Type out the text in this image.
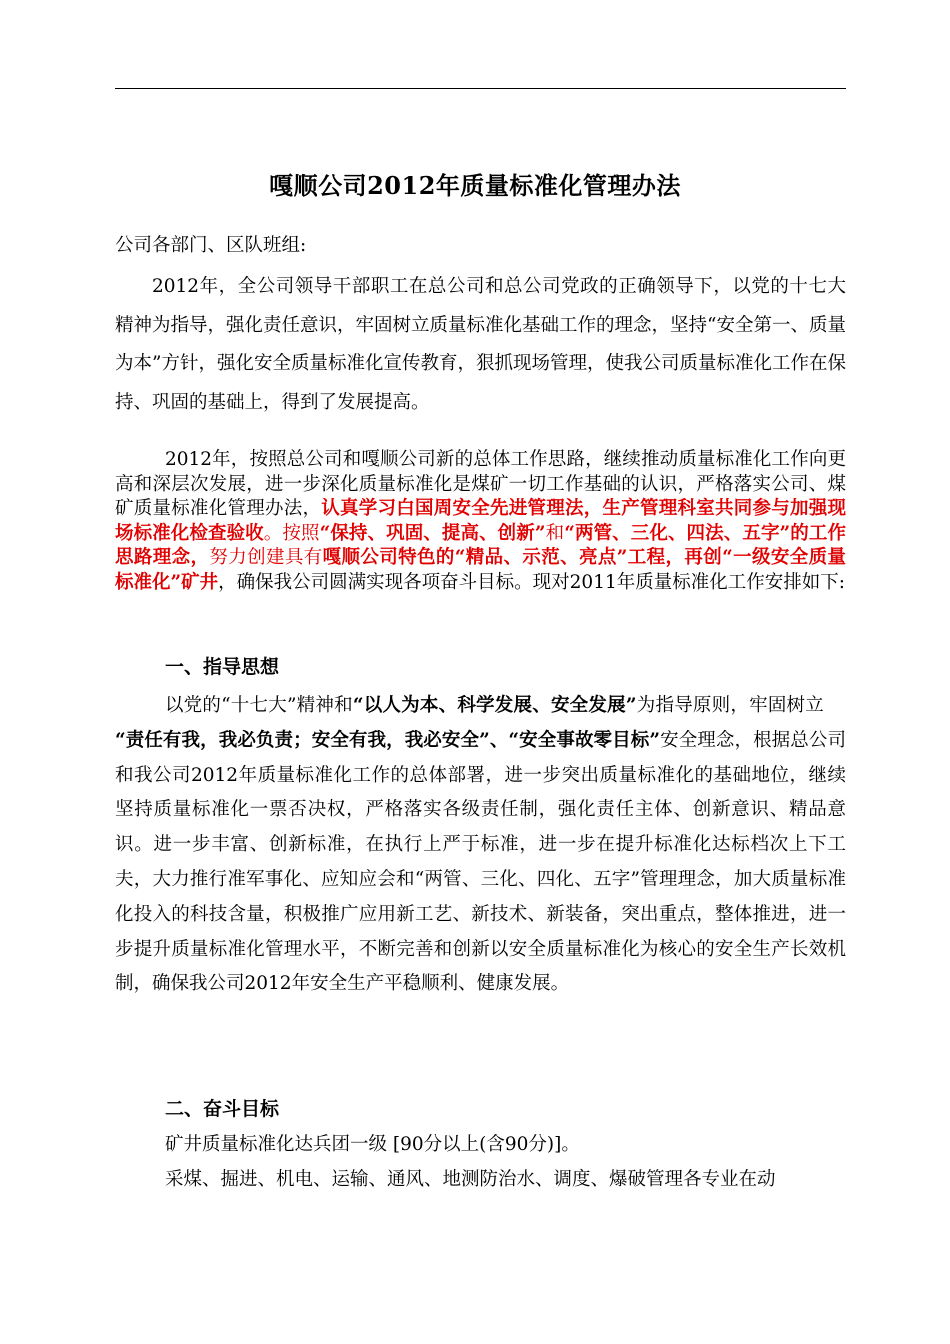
嘎顺公司2012年质量标准化管理办法
公司各部门、区队班组:
2012年，全公司领导干部职工在总公司和总公司党政的正确领导下，以党的十七大精神为指导，强化责任意识，牢固树立质量标准化基础工作的理念，坚持“安全第一、质量为本”方针，强化安全质量标准化宣传教育，狠抓现场管理，使我公司质量标准化工作在保持、巩固的基础上，得到了发展提高。
2012年，按照总公司和嘎顺公司新的总体工作思路，继续推动质量标准化工作向更高和深层次发展，进一步深化质量标准化是煤矿一切工作基础的认识，严格落实公司、煤矿质量标准化管理办法，认真学习白国周安全先进管理法，生产管理科室共同参与加强现场标准化检查验收。按照“保持、巩固、提高、创新”和“两管、三化、四法、五字”的工作思路理念，努力创建具有嘎顺公司特色的“精品、示范、亮点”工程，再创“一级安全质量标准化”矿井，确保我公司圆满实现各项奋斗目标。现对2011年质量标准化工作安排如下:
一、指导思想
以党的“十七大”精神和“以人为本、科学发展、安全发展”为指导原则，牢固树立“责任有我，我必负责；安全有我，我必安全”、“安全事故零目标”安全理念，根据总公司和我公司2012年质量标准化工作的总体部署，进一步突出质量标准化的基础地位，继续坚持质量标准化一票否决权，严格落实各级责任制，强化责任主体、创新意识、精品意识。进一步丰富、创新标准，在执行上严于标准，进一步在提升标准化达标档次上下工夫，大力推行准军事化、应知应会和“两管、三化、四化、五字”管理理念，加大质量标准化投入的科技含量，积极推广应用新工艺、新技术、新装备，突出重点，整体推进，进一步提升质量标准化管理水平，不断完善和创新以安全质量标准化为核心的安全生产长效机制，确保我公司2012年安全生产平稳顺利、健康发展。
二、奋斗目标
矿井质量标准化达兵团一级 [90分以上(含90分)]。
采煤、掘进、机电、运输、通风、地测防治水、调度、爆破管理各专业在动
